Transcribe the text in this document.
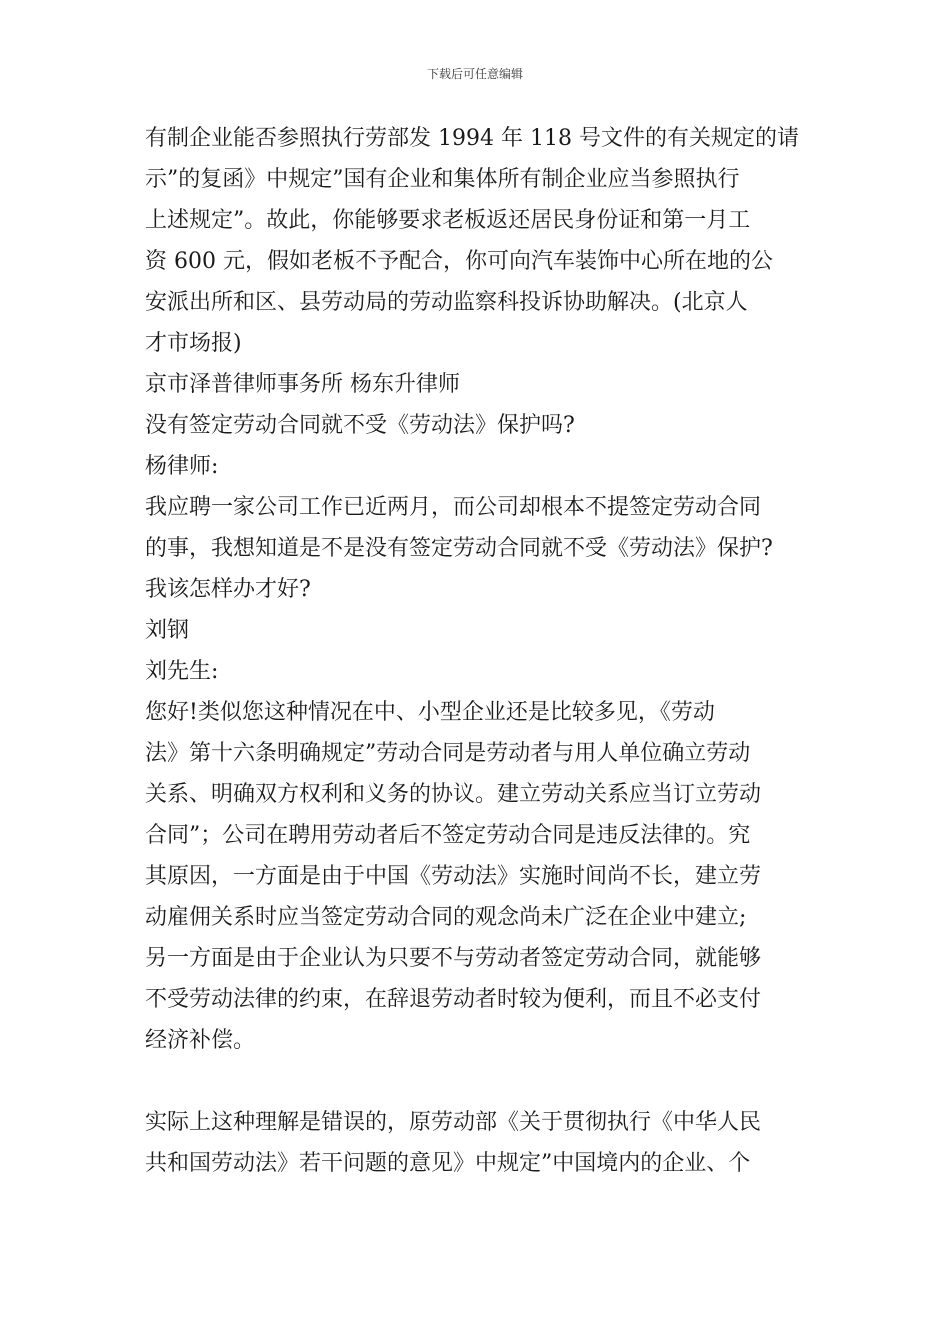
下载后可任意编辑

有制企业能否参照执行劳部发 1994 年 118 号文件的有关规定的请

示”的复函》中规定”国有企业和集体所有制企业应当参照执行

上述规定”。故此，你能够要求老板返还居民身份证和第一月工

资 600 元，假如老板不予配合，你可向汽车装饰中心所在地的公

安派出所和区、县劳动局的劳动监察科投诉协助解决。(北京人

才市场报)

京市泽普律师事务所 杨东升律师

没有签定劳动合同就不受《劳动法》保护吗?

杨律师:

我应聘一家公司工作已近两月，而公司却根本不提签定劳动合同

的事，我想知道是不是没有签定劳动合同就不受《劳动法》保护?

我该怎样办才好?

刘钢

刘先生:

您好!类似您这种情况在中、小型企业还是比较多见，《劳动

法》第十六条明确规定”劳动合同是劳动者与用人单位确立劳动

关系、明确双方权利和义务的协议。建立劳动关系应当订立劳动

合同”；公司在聘用劳动者后不签定劳动合同是违反法律的。究

其原因，一方面是由于中国《劳动法》实施时间尚不长，建立劳

动雇佣关系时应当签定劳动合同的观念尚未广泛在企业中建立;

另一方面是由于企业认为只要不与劳动者签定劳动合同，就能够

不受劳动法律的约束，在辞退劳动者时较为便利，而且不必支付

经济补偿。

实际上这种理解是错误的，原劳动部《关于贯彻执行《中华人民

共和国劳动法》若干问题的意见》中规定”中国境内的企业、个
